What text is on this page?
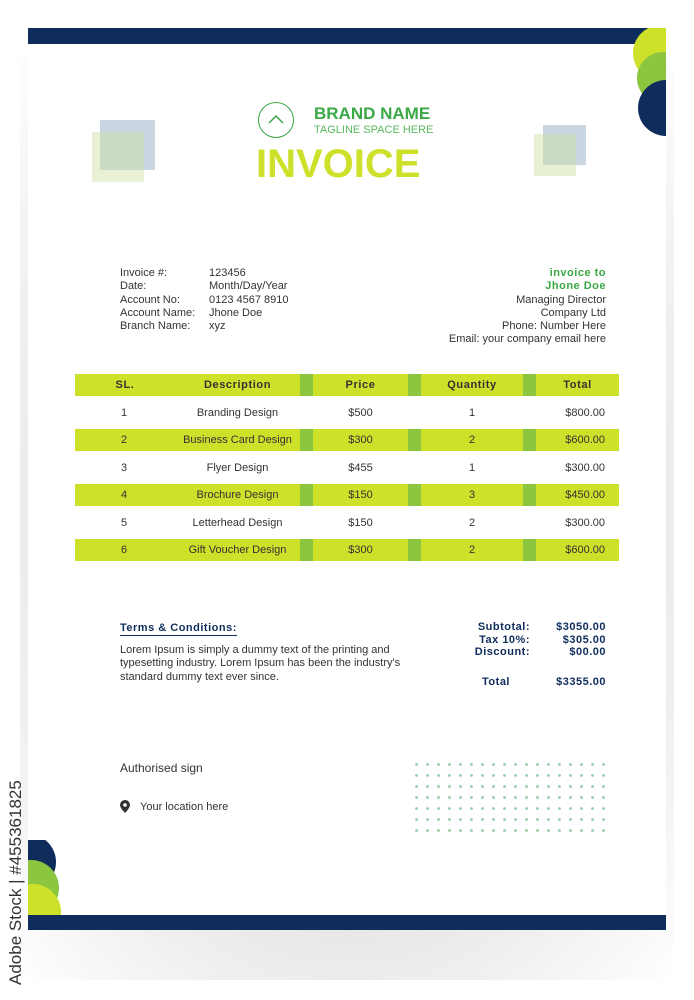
BRAND NAME
TAGLINE SPACE HERE
INVOICE
Invoice #:	123456
Date:	Month/Day/Year
Account No:	0123 4567 8910
Account Name:	Jhone Doe
Branch Name:	xyz
invoice to
Jhone Doe
Managing Director
Company Ltd
Phone: Number Here
Email: your company email here
SL.	Description		Price		Quantity		Total
1	Branding Design		$500		1		$800.00
2	Business Card Design		$300		2		$600.00
3	Flyer Design		$455		1		$300.00
4	Brochure Design		$150		3		$450.00
5	Letterhead Design		$150		2		$300.00
6	Gift Voucher Design		$300		2		$600.00
Terms & Conditions:
Lorem Ipsum is simply a dummy text of the printing and typesetting industry. Lorem Ipsum has been the industry's standard dummy text ever since.
Subtotal:	$3050.00
Tax 10%:	$305.00
Discount:	$00.00
Total	$3355.00
Authorised sign
Your location here
Adobe Stock | #455361825
